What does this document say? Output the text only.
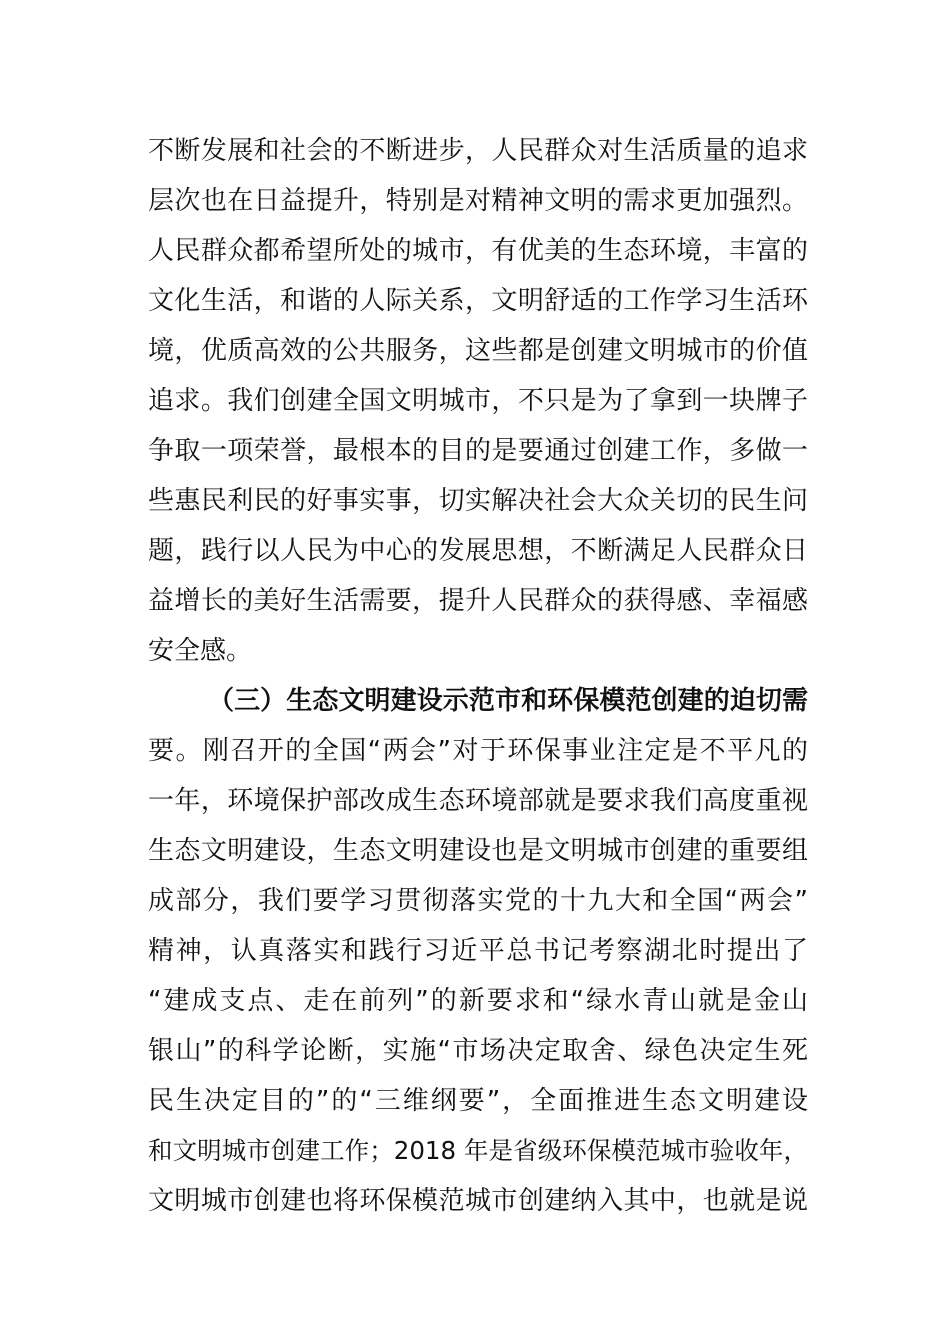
不断发展和社会的不断进步，人民群众对生活质量的追求
层次也在日益提升，特别是对精神文明的需求更加强烈。
人民群众都希望所处的城市，有优美的生态环境，丰富的
文化生活，和谐的人际关系，文明舒适的工作学习生活环
境，优质高效的公共服务，这些都是创建文明城市的价值
追求。我们创建全国文明城市，不只是为了拿到一块牌子
争取一项荣誉，最根本的目的是要通过创建工作，多做一
些惠民利民的好事实事，切实解决社会大众关切的民生问
题，践行以人民为中心的发展思想，不断满足人民群众日
益增长的美好生活需要，提升人民群众的获得感、幸福感
安全感。
（三）生态文明建设示范市和环保模范创建的迫切需
要。刚召开的全国“两会”对于环保事业注定是不平凡的
一年，环境保护部改成生态环境部就是要求我们高度重视
生态文明建设，生态文明建设也是文明城市创建的重要组
成部分，我们要学习贯彻落实党的十九大和全国“两会”
精神，认真落实和践行习近平总书记考察湖北时提出了
“建成支点、走在前列”的新要求和“绿水青山就是金山
银山”的科学论断，实施“市场决定取舍、绿色决定生死
民生决定目的”的“三维纲要”，全面推进生态文明建设
和文明城市创建工作；2018 年是省级环保模范城市验收年，
文明城市创建也将环保模范城市创建纳入其中，也就是说
